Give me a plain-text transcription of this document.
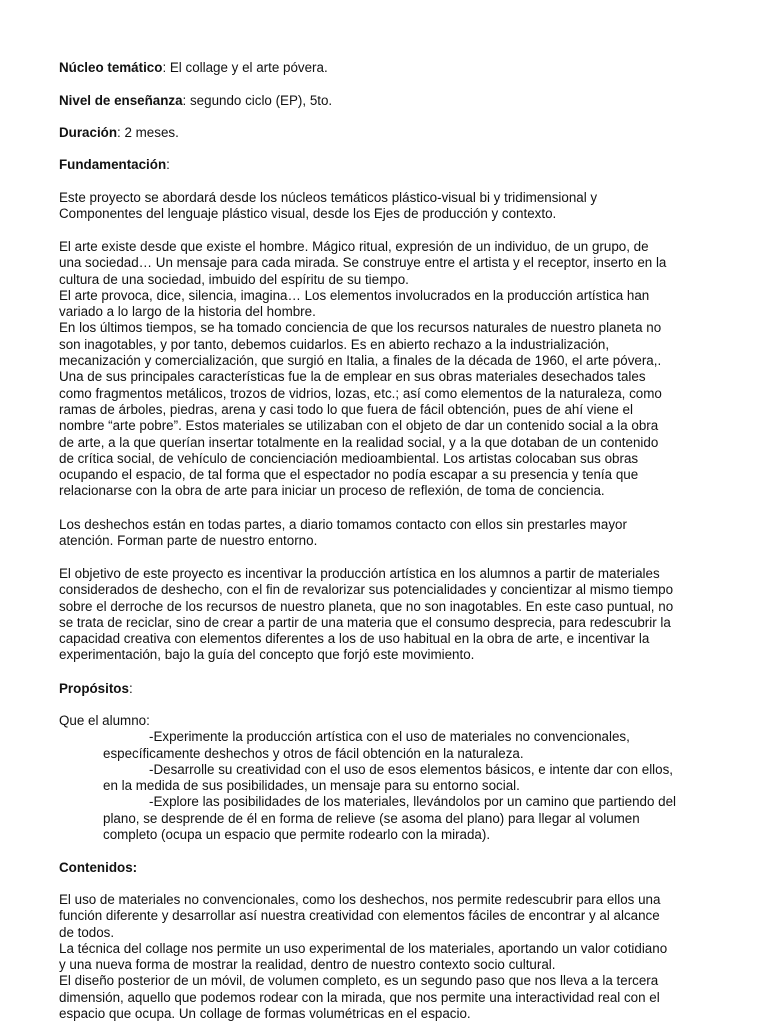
Núcleo temático: El collage y el arte póvera.

Nivel de enseñanza: segundo ciclo (EP), 5to.

Duración: 2 meses.

Fundamentación:

Este proyecto se abordará desde los núcleos temáticos plástico-visual bi y tridimensional y
Componentes del lenguaje plástico visual, desde los Ejes de producción y contexto.
El arte existe desde que existe el hombre. Mágico ritual, expresión de un individuo, de un grupo, de
una sociedad… Un mensaje para cada mirada. Se construye entre el artista y el receptor, inserto en la
cultura de una sociedad, imbuido del espíritu de su tiempo.
El arte provoca, dice, silencia, imagina… Los elementos involucrados en la producción artística han
variado a lo largo de la historia del hombre.
En los últimos tiempos, se ha tomado conciencia de que los recursos naturales de nuestro planeta no
son inagotables, y por tanto, debemos cuidarlos. Es en abierto rechazo a la industrialización,
mecanización y comercialización, que surgió en Italia, a finales de la década de 1960, el arte póvera,.
Una de sus principales características fue la de emplear en sus obras materiales desechados tales
como fragmentos metálicos, trozos de vidrios, lozas, etc.; así como elementos de la naturaleza, como
ramas de árboles, piedras, arena y casi todo lo que fuera de fácil obtención, pues de ahí viene el
nombre “arte pobre”. Estos materiales se utilizaban con el objeto de dar un contenido social a la obra
de arte, a la que querían insertar totalmente en la realidad social, y a la que dotaban de un contenido
de crítica social, de vehículo de concienciación medioambiental. Los artistas colocaban sus obras
ocupando el espacio, de tal forma que el espectador no podía escapar a su presencia y tenía que
relacionarse con la obra de arte para iniciar un proceso de reflexión, de toma de conciencia.
Los deshechos están en todas partes, a diario tomamos contacto con ellos sin prestarles mayor
atención. Forman parte de nuestro entorno.
El objetivo de este proyecto es incentivar la producción artística en los alumnos a partir de materiales
considerados de deshecho, con el fin de revalorizar sus potencialidades y concientizar al mismo tiempo
sobre el derroche de los recursos de nuestro planeta, que no son inagotables. En este caso puntual, no
se trata de reciclar, sino de crear a partir de una materia que el consumo desprecia, para redescubrir la
capacidad creativa con elementos diferentes a los de uso habitual en la obra de arte, e incentivar la
experimentación, bajo la guía del concepto que forjó este movimiento.

Propósitos:

Que el alumno:
-Experimente la producción artística con el uso de materiales no convencionales,
específicamente deshechos y otros de fácil obtención en la naturaleza.
-Desarrolle su creatividad con el uso de esos elementos básicos, e intente dar con ellos,
en la medida de sus posibilidades, un mensaje para su entorno social.
-Explore las posibilidades de los materiales, llevándolos por un camino que partiendo del
plano, se desprende de él en forma de relieve (se asoma del plano) para llegar al volumen
completo (ocupa un espacio que permite rodearlo con la mirada).

Contenidos:

El uso de materiales no convencionales, como los deshechos, nos permite redescubrir para ellos una
función diferente y desarrollar así nuestra creatividad con elementos fáciles de encontrar y al alcance
de todos.
La técnica del collage nos permite un uso experimental de los materiales, aportando un valor cotidiano
y una nueva forma de mostrar la realidad, dentro de nuestro contexto socio cultural.
El diseño posterior de un móvil, de volumen completo, es un segundo paso que nos lleva a la tercera
dimensión, aquello que podemos rodear con la mirada, que nos permite una interactividad real con el
espacio que ocupa. Un collage de formas volumétricas en el espacio.
